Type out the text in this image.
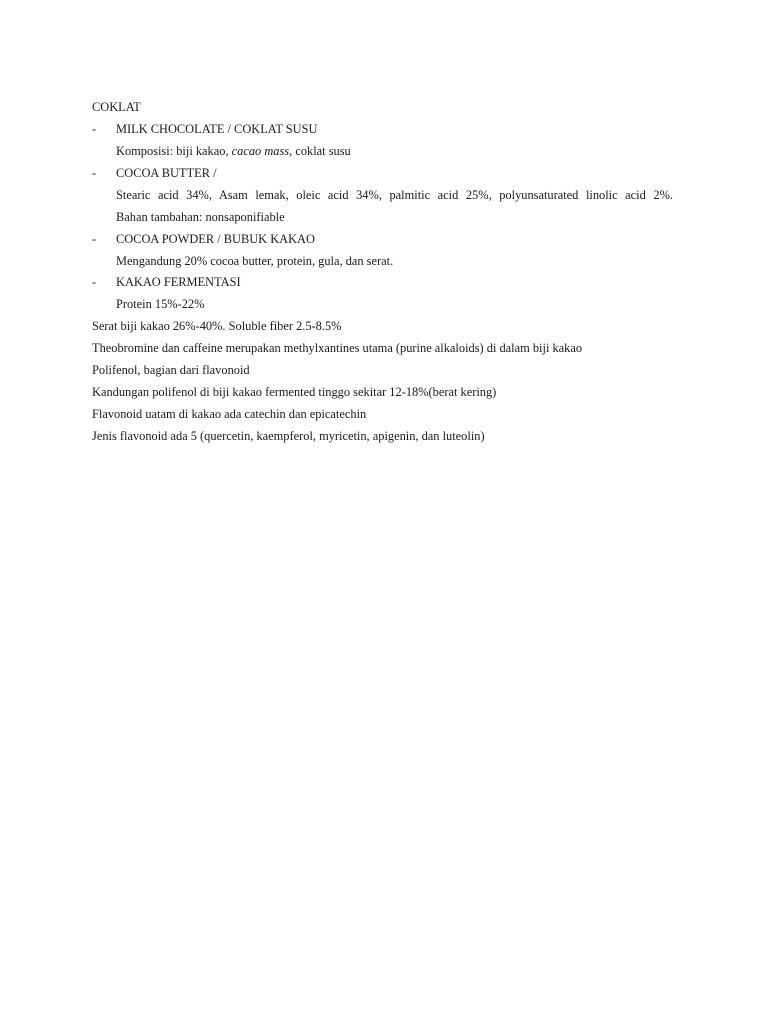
COKLAT
- MILK CHOCOLATE / COKLAT SUSU
Komposisi: biji kakao, cacao mass, coklat susu
- COCOA BUTTER /
Stearic acid 34%, Asam lemak, oleic acid 34%, palmitic acid 25%, polyunsaturated linolic acid 2%.
Bahan tambahan: nonsaponifiable
- COCOA POWDER / BUBUK KAKAO
Mengandung 20% cocoa butter, protein, gula, dan serat.
- KAKAO FERMENTASI
Protein 15%-22%
Serat biji kakao 26%-40%. Soluble fiber 2.5-8.5%
Theobromine dan caffeine merupakan methylxantines utama (purine alkaloids) di dalam biji kakao
Polifenol, bagian dari flavonoid
Kandungan polifenol di biji kakao fermented tinggo sekitar 12-18%(berat kering)
Flavonoid uatam di kakao ada catechin dan epicatechin
Jenis flavonoid ada 5 (quercetin, kaempferol, myricetin, apigenin, dan luteolin)
